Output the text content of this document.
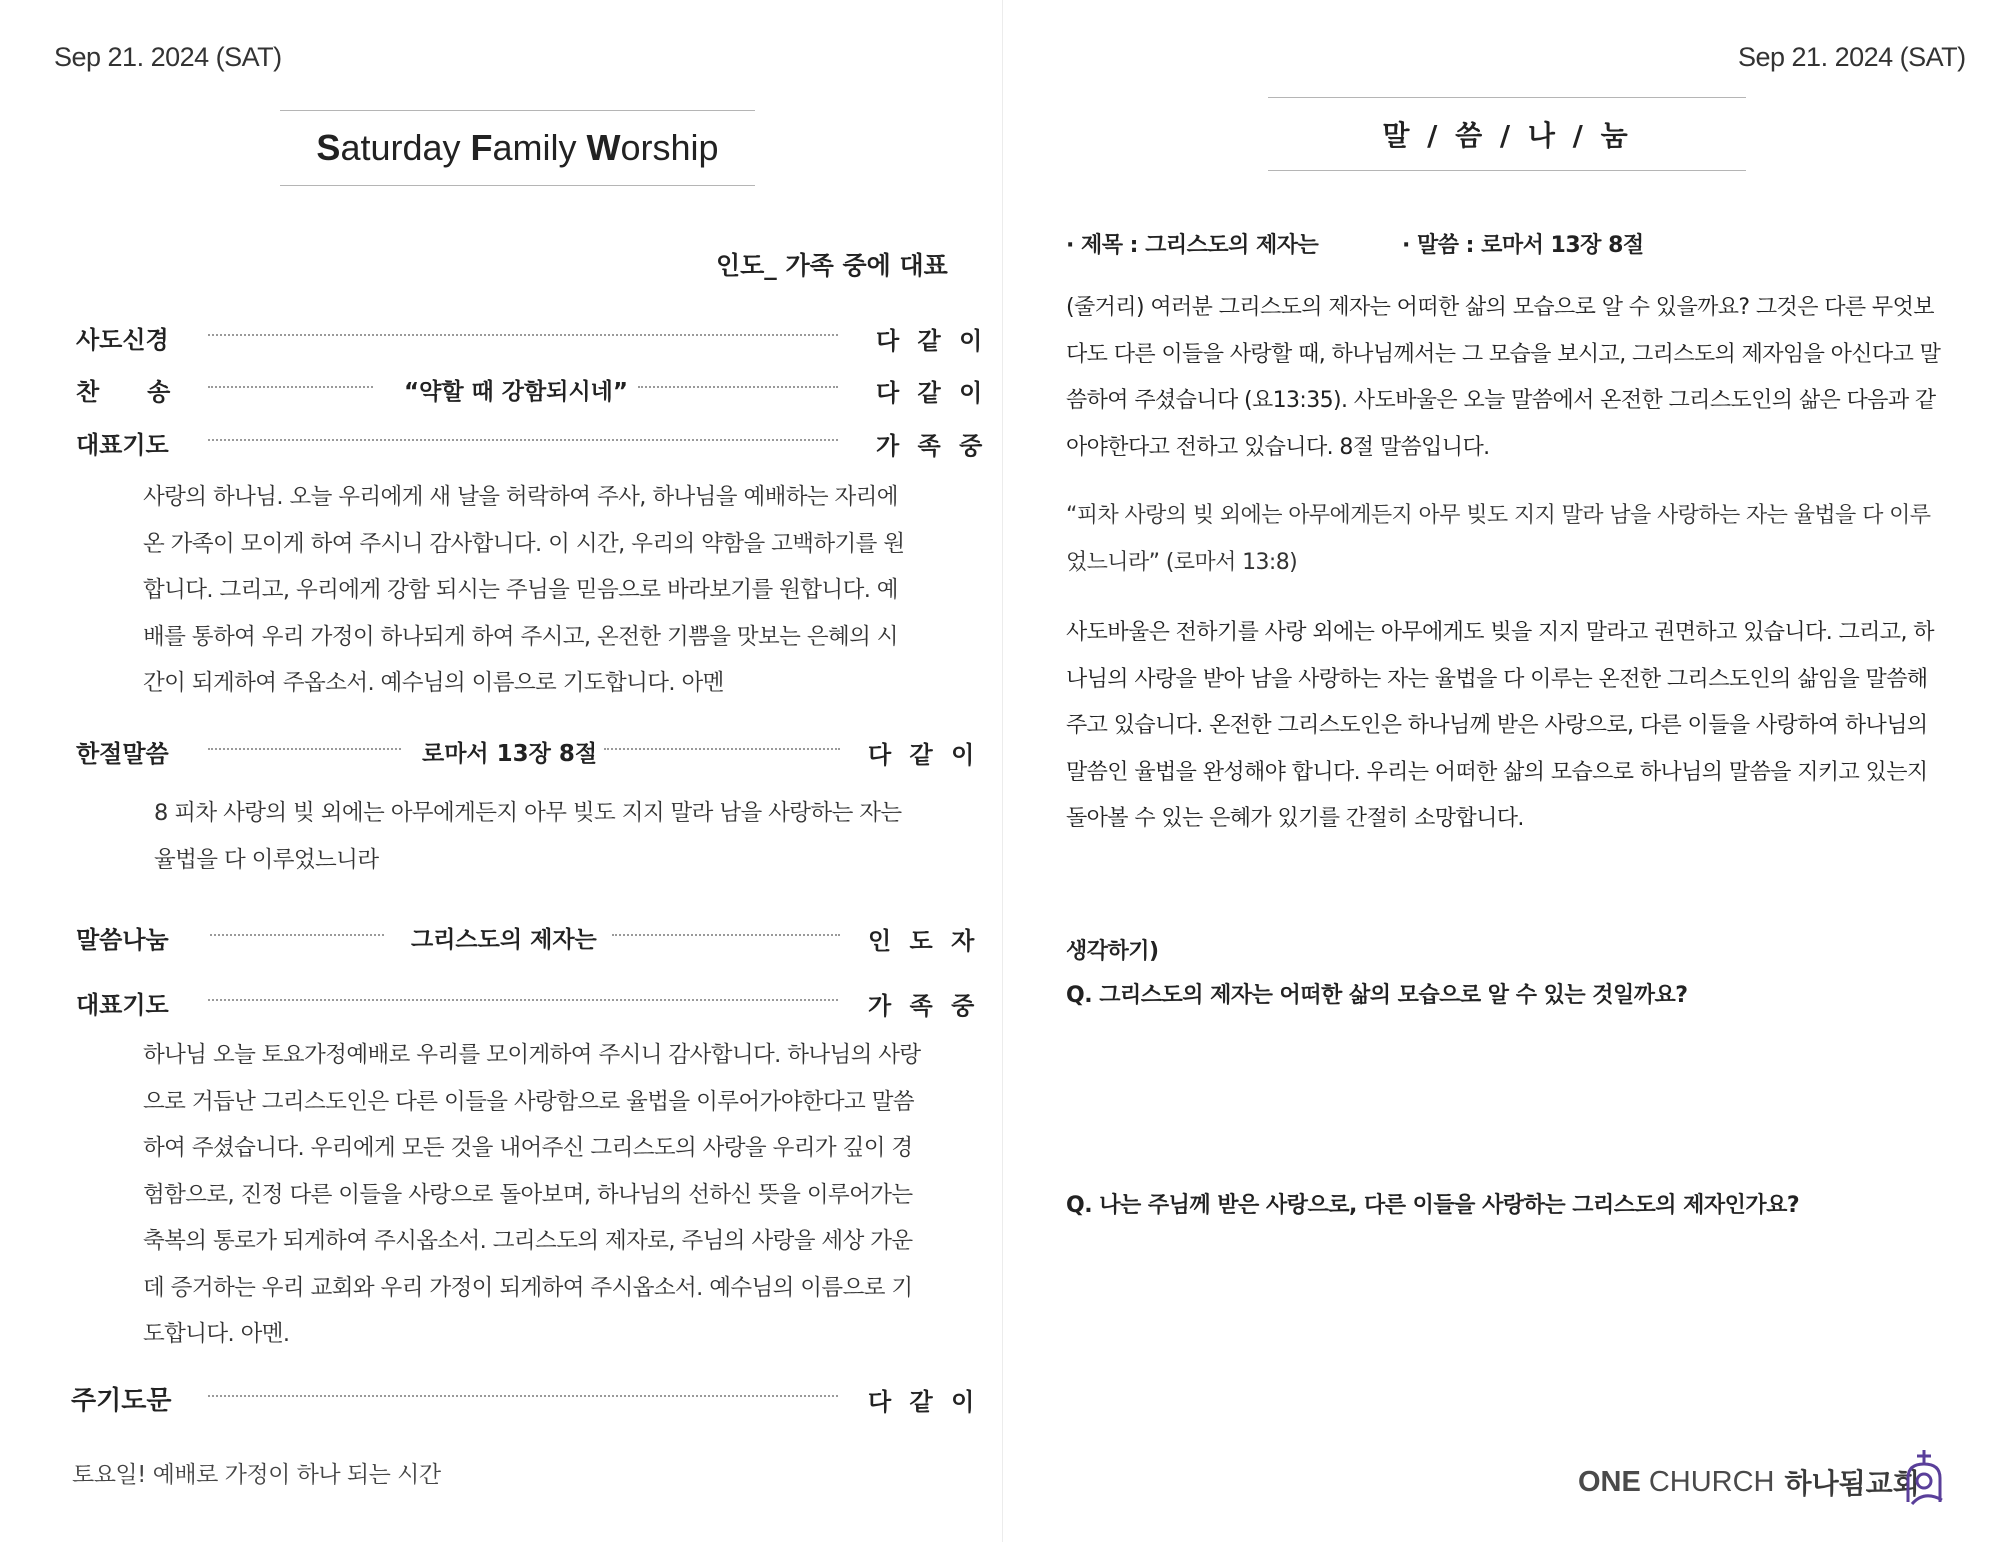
Sep 21. 2024 (SAT)
Saturday Family Worship
인도_ 가족 중에 대표
사도신경	다 같 이
찬　　송	“약할 때 강함되시네”	다 같 이
대표기도	가 족 중
사랑의 하나님. 오늘 우리에게 새 날을 허락하여 주사, 하나님을 예배하는 자리에
온 가족이 모이게 하여 주시니 감사합니다. 이 시간, 우리의 약함을 고백하기를 원
합니다. 그리고, 우리에게 강함 되시는 주님을 믿음으로 바라보기를 원합니다. 예
배를 통하여 우리 가정이 하나되게 하여 주시고, 온전한 기쁨을 맛보는 은혜의 시
간이 되게하여 주옵소서. 예수님의 이름으로 기도합니다. 아멘
한절말씀	로마서 13장 8절	다 같 이
8 피차 사랑의 빚 외에는 아무에게든지 아무 빚도 지지 말라 남을 사랑하는 자는
율법을 다 이루었느니라
말씀나눔	그리스도의 제자는	인 도 자
대표기도	가 족 중
하나님 오늘 토요가정예배로 우리를 모이게하여 주시니 감사합니다. 하나님의 사랑
으로 거듭난 그리스도인은 다른 이들을 사랑함으로 율법을 이루어가야한다고 말씀
하여 주셨습니다. 우리에게 모든 것을 내어주신 그리스도의 사랑을 우리가 깊이 경
험함으로, 진정 다른 이들을 사랑으로 돌아보며, 하나님의 선하신 뜻을 이루어가는
축복의 통로가 되게하여 주시옵소서. 그리스도의 제자로, 주님의 사랑을 세상 가운
데 증거하는 우리 교회와 우리 가정이 되게하여 주시옵소서. 예수님의 이름으로 기
도합니다. 아멘.
주기도문	다 같 이
토요일! 예배로 가정이 하나 되는 시간
Sep 21. 2024 (SAT)
말 / 씀 / 나 / 눔
· 제목 : 그리스도의 제자는	· 말씀 : 로마서 13장 8절
(줄거리) 여러분 그리스도의 제자는 어떠한 삶의 모습으로 알 수 있을까요? 그것은 다른 무엇보
다도 다른 이들을 사랑할 때, 하나님께서는 그 모습을 보시고, 그리스도의 제자임을 아신다고 말
씀하여 주셨습니다 (요13:35). 사도바울은 오늘 말씀에서 온전한 그리스도인의 삶은 다음과 같
아야한다고 전하고 있습니다. 8절 말씀입니다.
“피차 사랑의 빚 외에는 아무에게든지 아무 빚도 지지 말라 남을 사랑하는 자는 율법을 다 이루
었느니라” (로마서 13:8)
사도바울은 전하기를 사랑 외에는 아무에게도 빚을 지지 말라고 권면하고 있습니다. 그리고, 하
나님의 사랑을 받아 남을 사랑하는 자는 율법을 다 이루는 온전한 그리스도인의 삶임을 말씀해
주고 있습니다. 온전한 그리스도인은 하나님께 받은 사랑으로, 다른 이들을 사랑하여 하나님의
말씀인 율법을 완성해야 합니다. 우리는 어떠한 삶의 모습으로 하나님의 말씀을 지키고 있는지
돌아볼 수 있는 은혜가 있기를 간절히 소망합니다.
생각하기)
Q. 그리스도의 제자는 어떠한 삶의 모습으로 알 수 있는 것일까요?
Q. 나는 주님께 받은 사랑으로, 다른 이들을 사랑하는 그리스도의 제자인가요?
ONE CHURCH 하나됨교회
